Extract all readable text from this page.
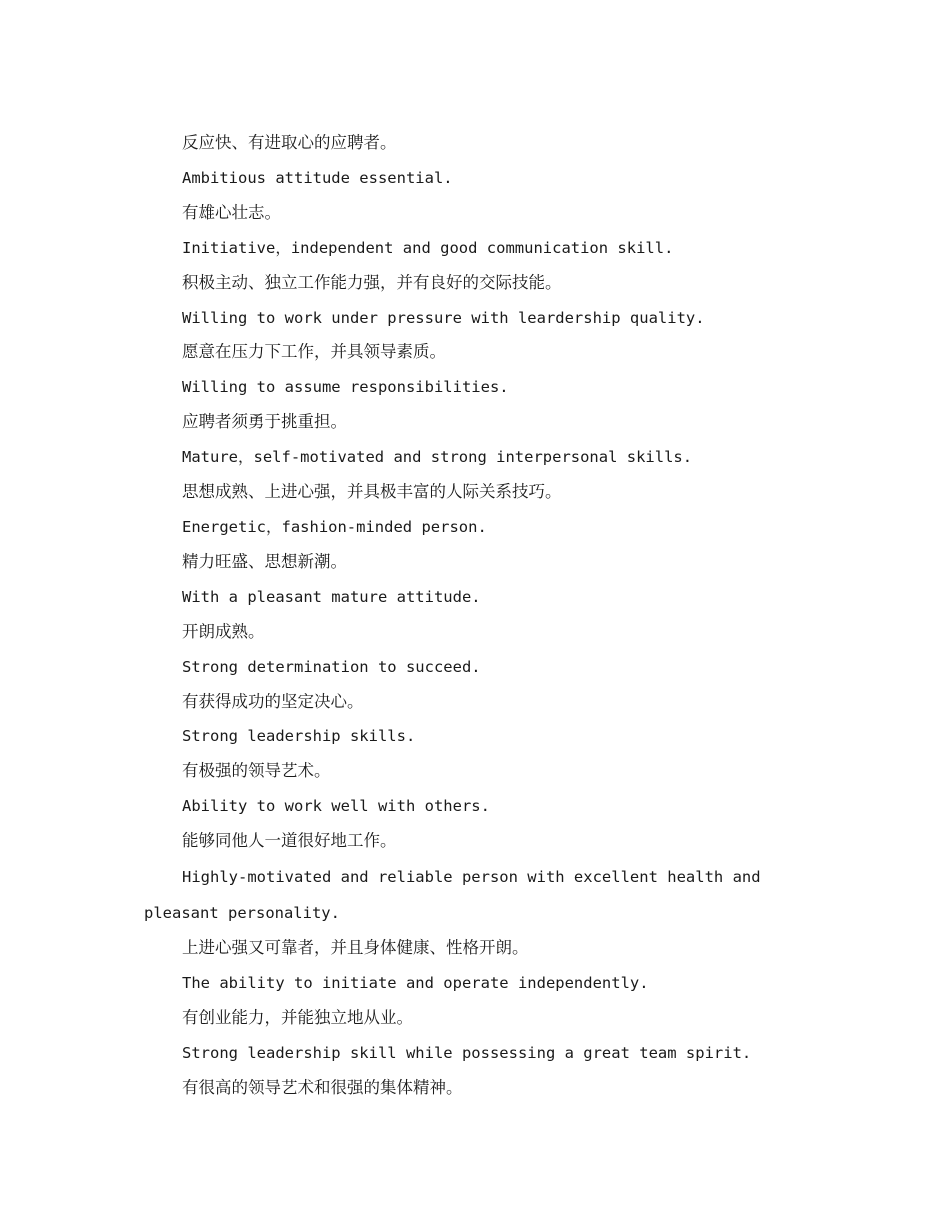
反应快、有进取心的应聘者。

Ambitious attitude essential.

有雄心壮志。

Initiative，independent and good communication skill.

积极主动、独立工作能力强，并有良好的交际技能。

Willing to work under pressure with leardership quality.

愿意在压力下工作，并具领导素质。

Willing to assume responsibilities.

应聘者须勇于挑重担。

Mature，self-motivated and strong interpersonal skills.

思想成熟、上进心强，并具极丰富的人际关系技巧。

Energetic，fashion-minded person.

精力旺盛、思想新潮。

With a pleasant mature attitude.

开朗成熟。

Strong determination to succeed.

有获得成功的坚定决心。

Strong leadership skills.

有极强的领导艺术。

Ability to work well with others.

能够同他人一道很好地工作。

Highly-motivated and reliable person with excellent health and pleasant personality.

上进心强又可靠者，并且身体健康、性格开朗。

The ability to initiate and operate independently.

有创业能力，并能独立地从业。

Strong leadership skill while possessing a great team spirit.

有很高的领导艺术和很强的集体精神。
